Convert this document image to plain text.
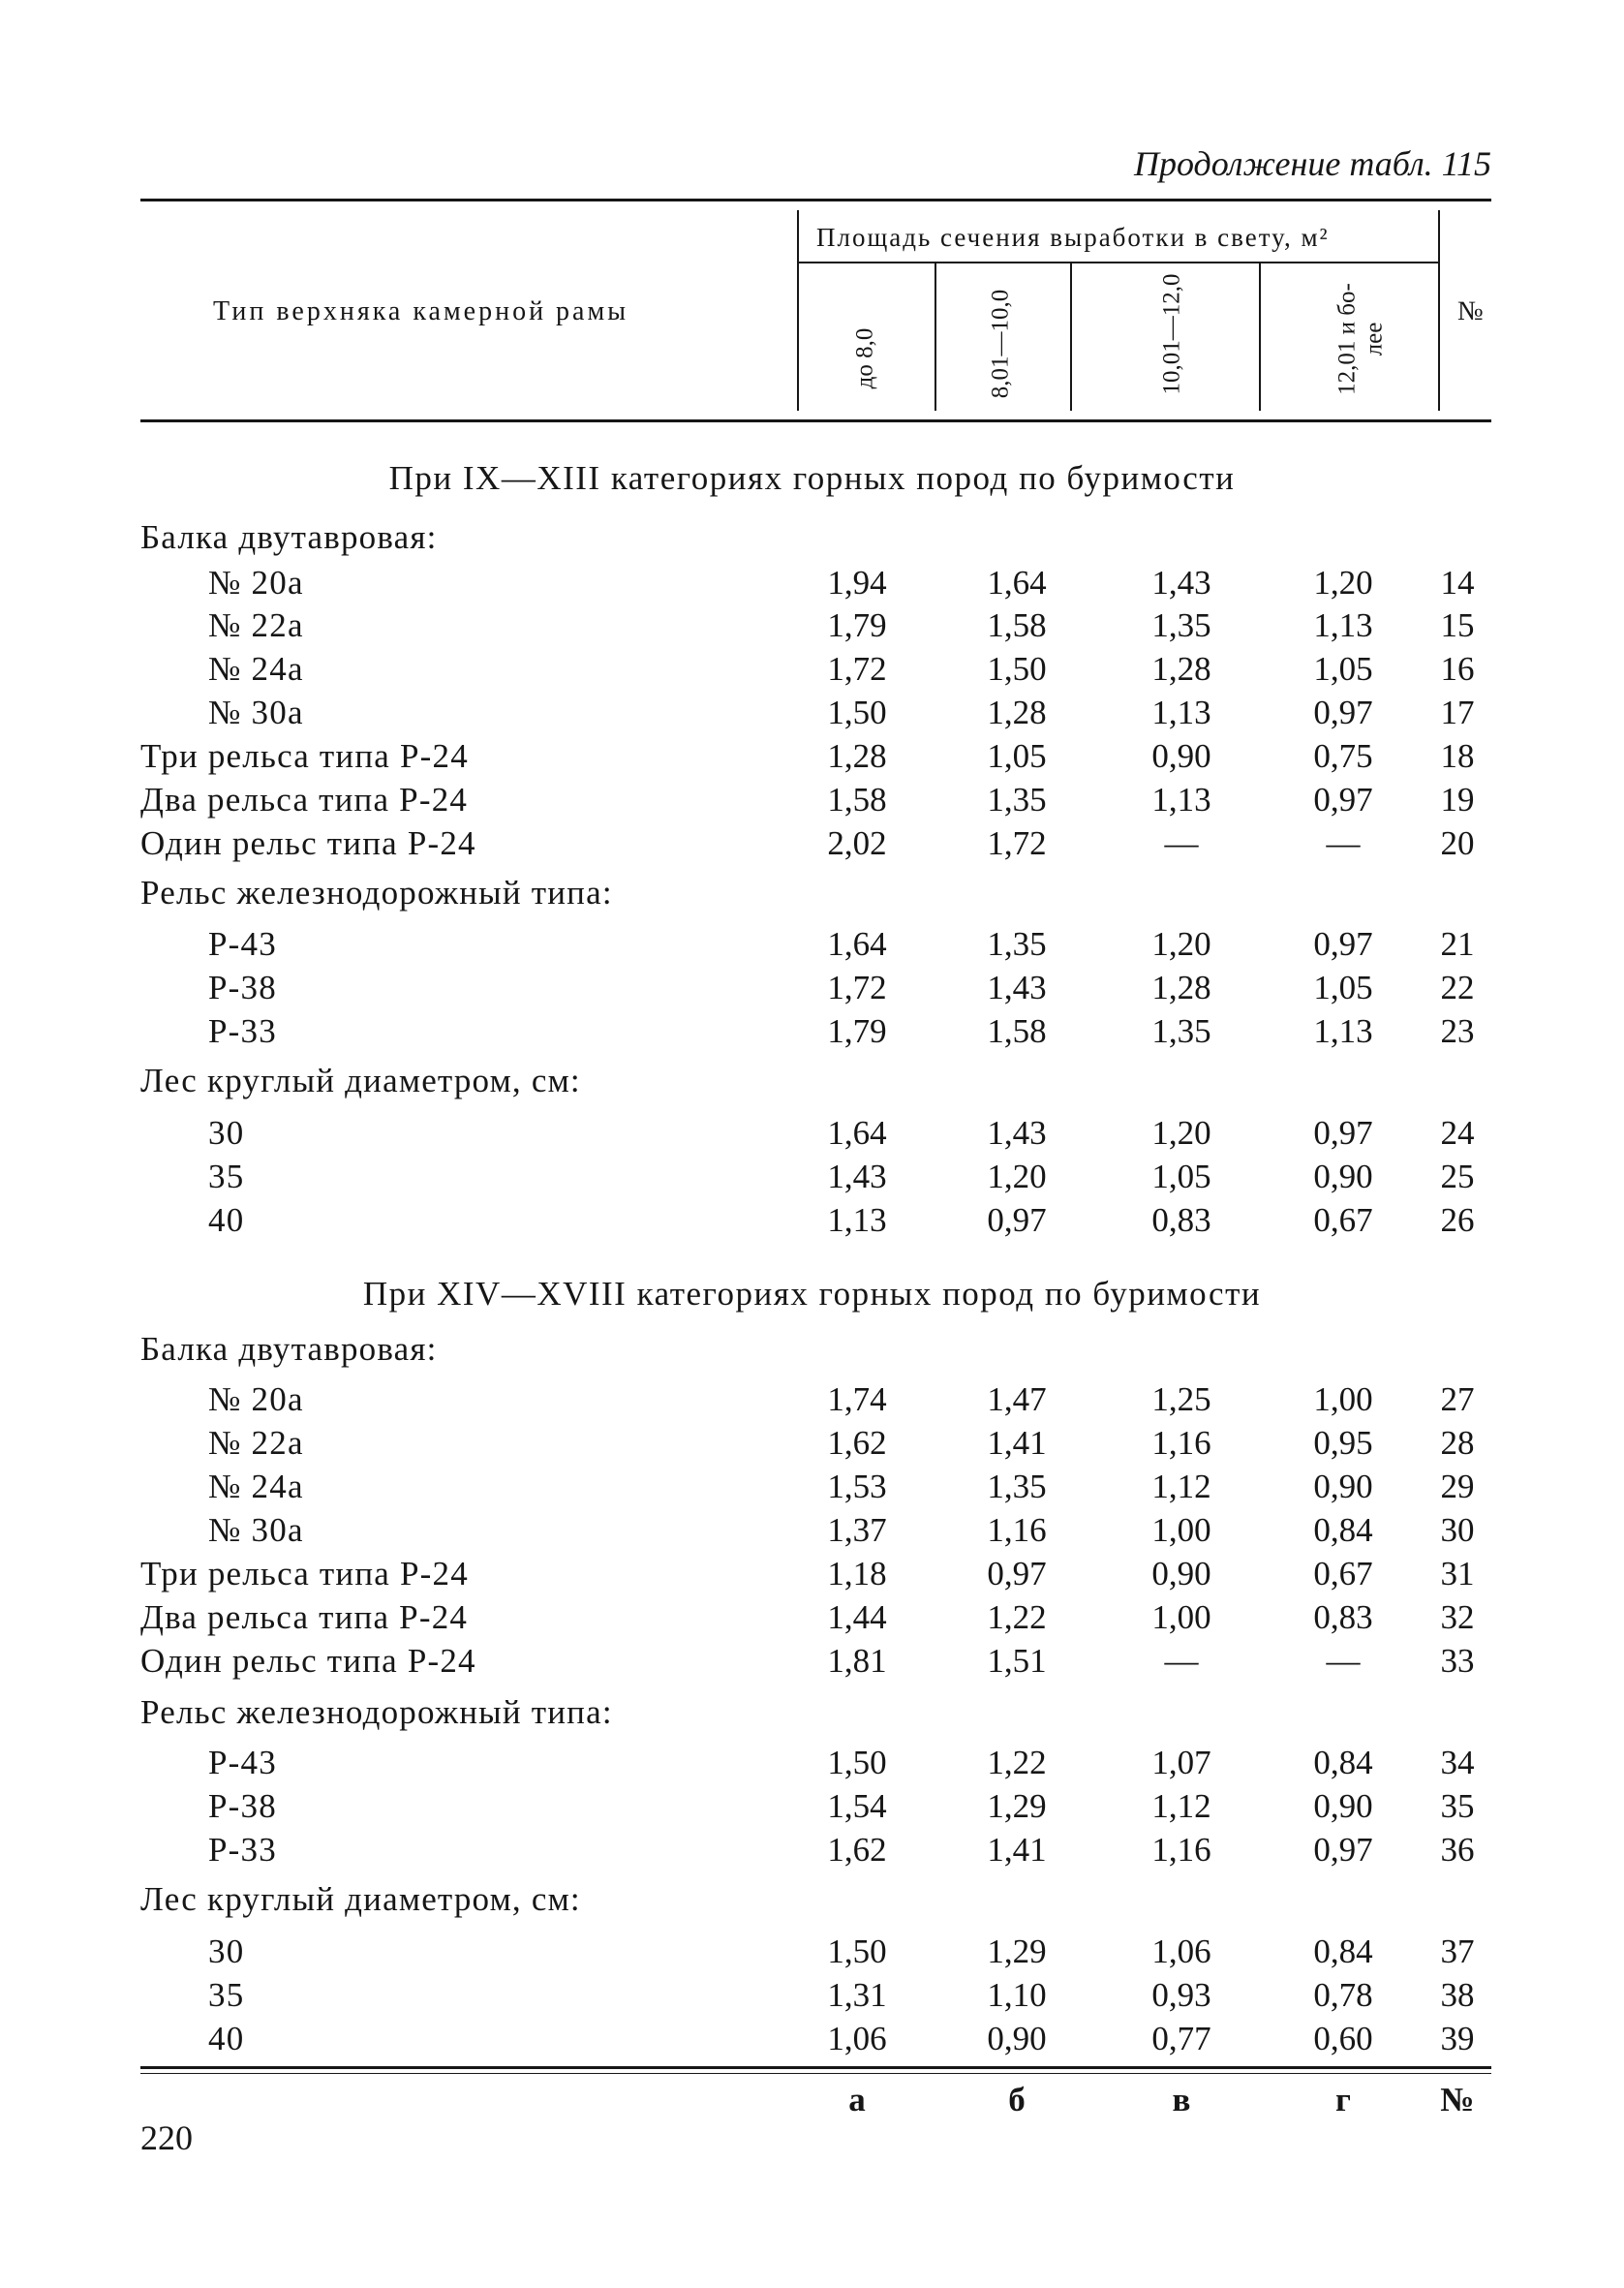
Продолжение табл. 115
Тип верхняка камерной рамы
Площадь сечения выработки в свету, м²
до 8,0	8,01—10,0	10,01—12,0	12,01 и бо-
лее
№
При IX—XIII категориях горных пород по буримости
Балка двутавровая:
№ 20а	1,94	1,64	1,43	1,20	14
№ 22а	1,79	1,58	1,35	1,13	15
№ 24а	1,72	1,50	1,28	1,05	16
№ 30а	1,50	1,28	1,13	0,97	17
Три рельса типа Р-24	1,28	1,05	0,90	0,75	18
Два рельса типа Р-24	1,58	1,35	1,13	0,97	19
Один рельс типа Р-24	2,02	1,72	—	—	20
Рельс железнодорожный типа:
Р-43	1,64	1,35	1,20	0,97	21
Р-38	1,72	1,43	1,28	1,05	22
Р-33	1,79	1,58	1,35	1,13	23
Лес круглый диаметром, см:
30	1,64	1,43	1,20	0,97	24
35	1,43	1,20	1,05	0,90	25
40	1,13	0,97	0,83	0,67	26
При XIV—XVIII категориях горных пород по буримости
Балка двутавровая:
№ 20а	1,74	1,47	1,25	1,00	27
№ 22а	1,62	1,41	1,16	0,95	28
№ 24а	1,53	1,35	1,12	0,90	29
№ 30а	1,37	1,16	1,00	0,84	30
Три рельса типа Р-24	1,18	0,97	0,90	0,67	31
Два рельса типа Р-24	1,44	1,22	1,00	0,83	32
Один рельс типа Р-24	1,81	1,51	—	—	33
Рельс железнодорожный типа:
Р-43	1,50	1,22	1,07	0,84	34
Р-38	1,54	1,29	1,12	0,90	35
Р-33	1,62	1,41	1,16	0,97	36
Лес круглый диаметром, см:
30	1,50	1,29	1,06	0,84	37
35	1,31	1,10	0,93	0,78	38
40	1,06	0,90	0,77	0,60	39
а	б	в	г	№
220
